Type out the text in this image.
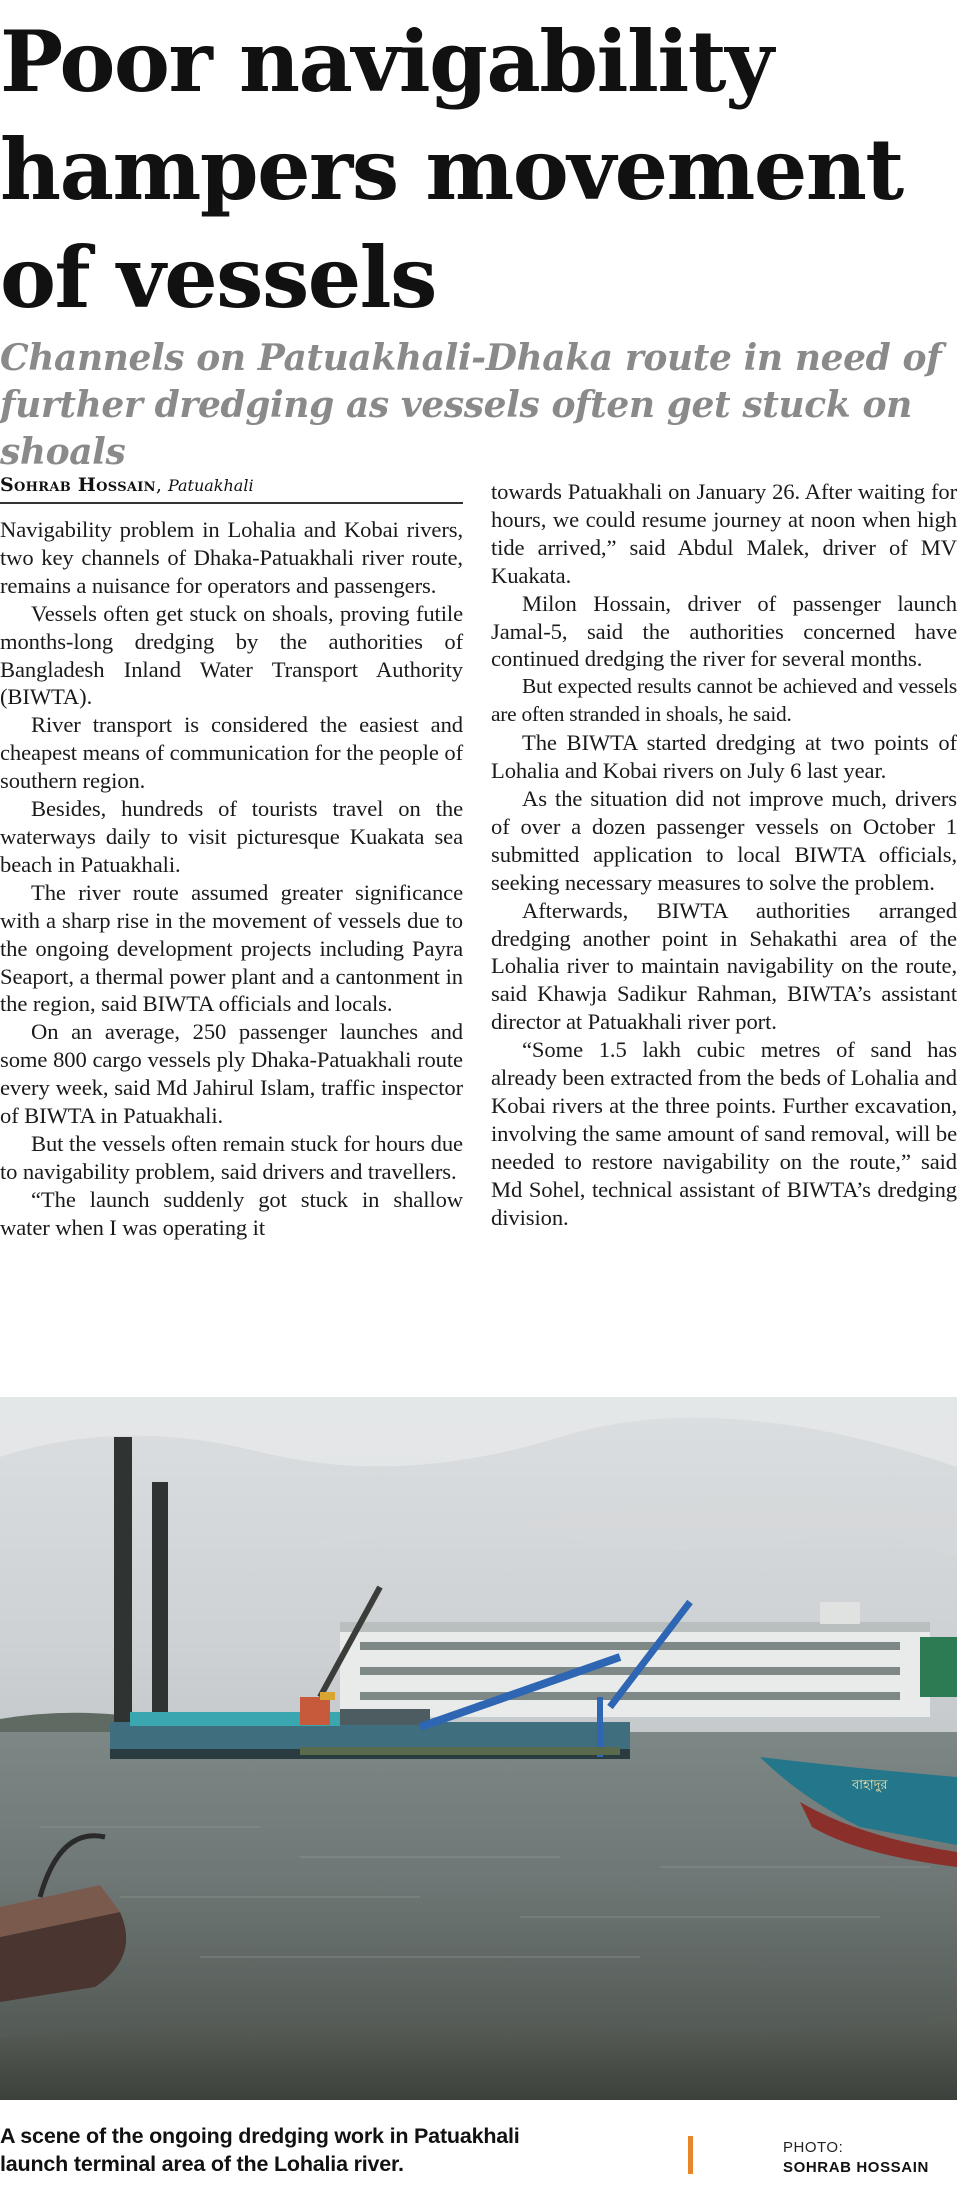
Poor navigability
hampers movement
of vessels
Channels on Patuakhali-Dhaka route in need of
further dredging as vessels often get stuck on shoals
Sohrab Hossain, Patuakhali

Navigability problem in Lohalia and Kobai rivers, two key channels of Dhaka-Patuakhali river route, remains a nuisance for operators and passengers.

Vessels often get stuck on shoals, proving futile months-long dredging by the authorities of Bangladesh Inland Water Transport Authority (BIWTA).

River transport is considered the easiest and cheapest means of communication for the people of southern region.

Besides, hundreds of tourists travel on the waterways daily to visit picturesque Kuakata sea beach in Patuakhali.

The river route assumed greater significance with a sharp rise in the movement of vessels due to the ongoing development projects including Payra Seaport, a thermal power plant and a cantonment in the region, said BIWTA officials and locals.

On an average, 250 passenger launches and some 800 cargo vessels ply Dhaka-Patuakhali route every week, said Md Jahirul Islam, traffic inspector of BIWTA in Patuakhali.

But the vessels often remain stuck for hours due to navigability problem, said drivers and travellers.

“The launch suddenly got stuck in shallow water when I was operating it

towards Patuakhali on January 26. After waiting for hours, we could resume journey at noon when high tide arrived,” said Abdul Malek, driver of MV Kuakata.

Milon Hossain, driver of passenger launch Jamal-5, said the authorities concerned have continued dredging the river for several months.

But expected results cannot be achieved and vessels are often stranded in shoals, he said.

The BIWTA started dredging at two points of Lohalia and Kobai rivers on July 6 last year.

As the situation did not improve much, drivers of over a dozen passenger vessels on October 1 submitted application to local BIWTA officials, seeking necessary measures to solve the problem.

Afterwards, BIWTA authorities arranged dredging another point in Sehakathi area of the Lohalia river to maintain navigability on the route, said Khawja Sadikur Rahman, BIWTA’s assistant director at Patuakhali river port.

“Some 1.5 lakh cubic metres of sand has already been extracted from the beds of Lohalia and Kobai rivers at the three points. Further excavation, involving the same amount of sand removal, will be needed to restore navigability on the route,” said Md Sohel, technical assistant of BIWTA’s dredging division.

বাহাদুর

A scene of the ongoing dredging work in Patuakhali
launch terminal area of the Lohalia river.

PHOTO:
SOHRAB HOSSAIN
